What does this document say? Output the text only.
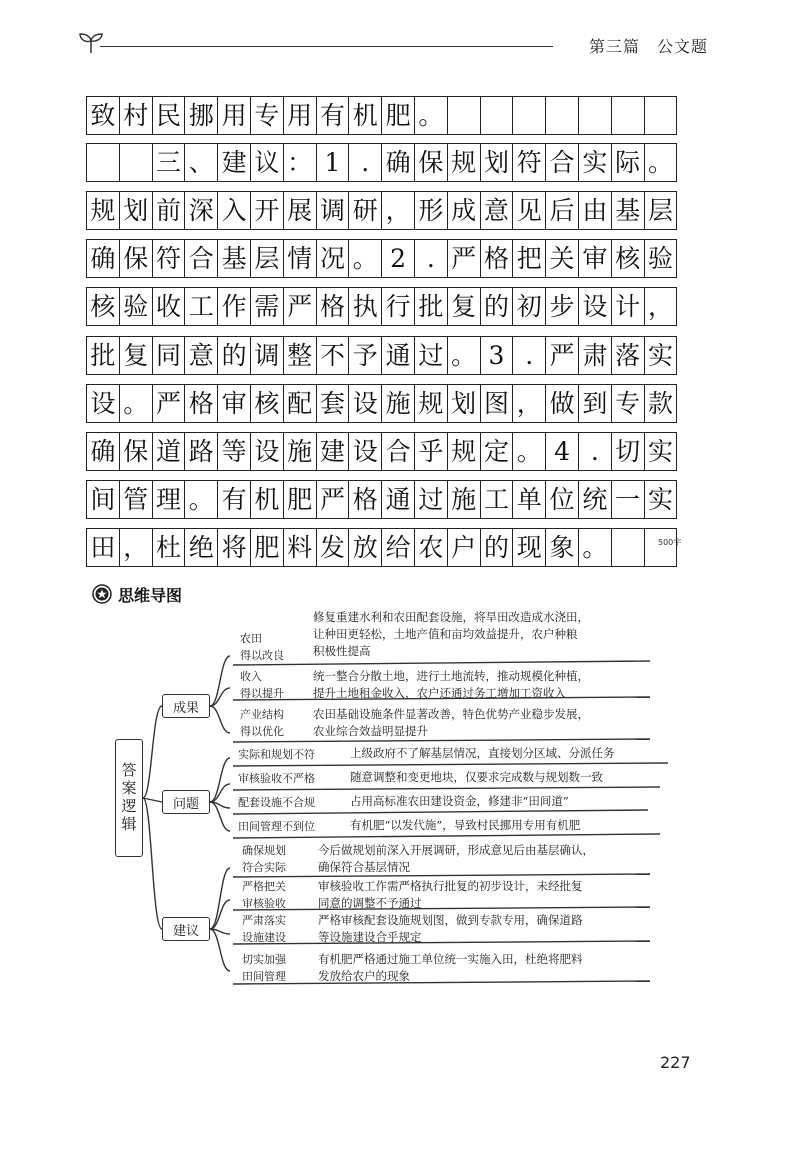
第三篇　公文题
致 村 民 挪 用 专 用 有 机 肥 。
三 、 建 议 ： 1 . 确 保 规 划 符 合 实 际 。
规 划 前 深 入 开 展 调 研 ， 形 成 意 见 后 由 基 层
确 保 符 合 基 层 情 况 。 2 . 严 格 把 关 审 核 验
核 验 收 工 作 需 严 格 执 行 批 复 的 初 步 设 计 ，
批 复 同 意 的 调 整 不 予 通 过 。 3 . 严 肃 落 实
设 。 严 格 审 核 配 套 设 施 规 划 图 ， 做 到 专 款
确 保 道 路 等 设 施 建 设 合 乎 规 定 。 4 . 切 实
间 管 理 。 有 机 肥 严 格 通 过 施 工 单 位 统 一 实
田 ， 杜 绝 将 肥 料 发 放 给 农 户 的 现 象 。	500字
思维导图
答案逻辑
成果
问题
建议
农田
得以改良
修复重建水利和农田配套设施，将旱田改造成水浇田，
让种田更轻松，土地产值和亩均效益提升，农户种粮
积极性提高
收入
得以提升
统一整合分散土地，进行土地流转，推动规模化种植，
提升土地租金收入，农户还通过务工增加工资收入
产业结构
得以优化
农田基础设施条件显著改善，特色优势产业稳步发展，
农业综合效益明显提升
实际和规划不符	上级政府不了解基层情况，直接划分区域、分派任务
审核验收不严格	随意调整和变更地块，仅要求完成数与规划数一致
配套设施不合规	占用高标准农田建设资金，修建非“田间道”
田间管理不到位	有机肥“以发代施”，导致村民挪用专用有机肥
确保规划
符合实际
今后做规划前深入开展调研，形成意见后由基层确认，
确保符合基层情况
严格把关
审核验收
审核验收工作需严格执行批复的初步设计，未经批复
同意的调整不予通过
严肃落实
设施建设
严格审核配套设施规划图，做到专款专用，确保道路
等设施建设合乎规定
切实加强
田间管理
有机肥严格通过施工单位统一实施入田，杜绝将肥料
发放给农户的现象
227
